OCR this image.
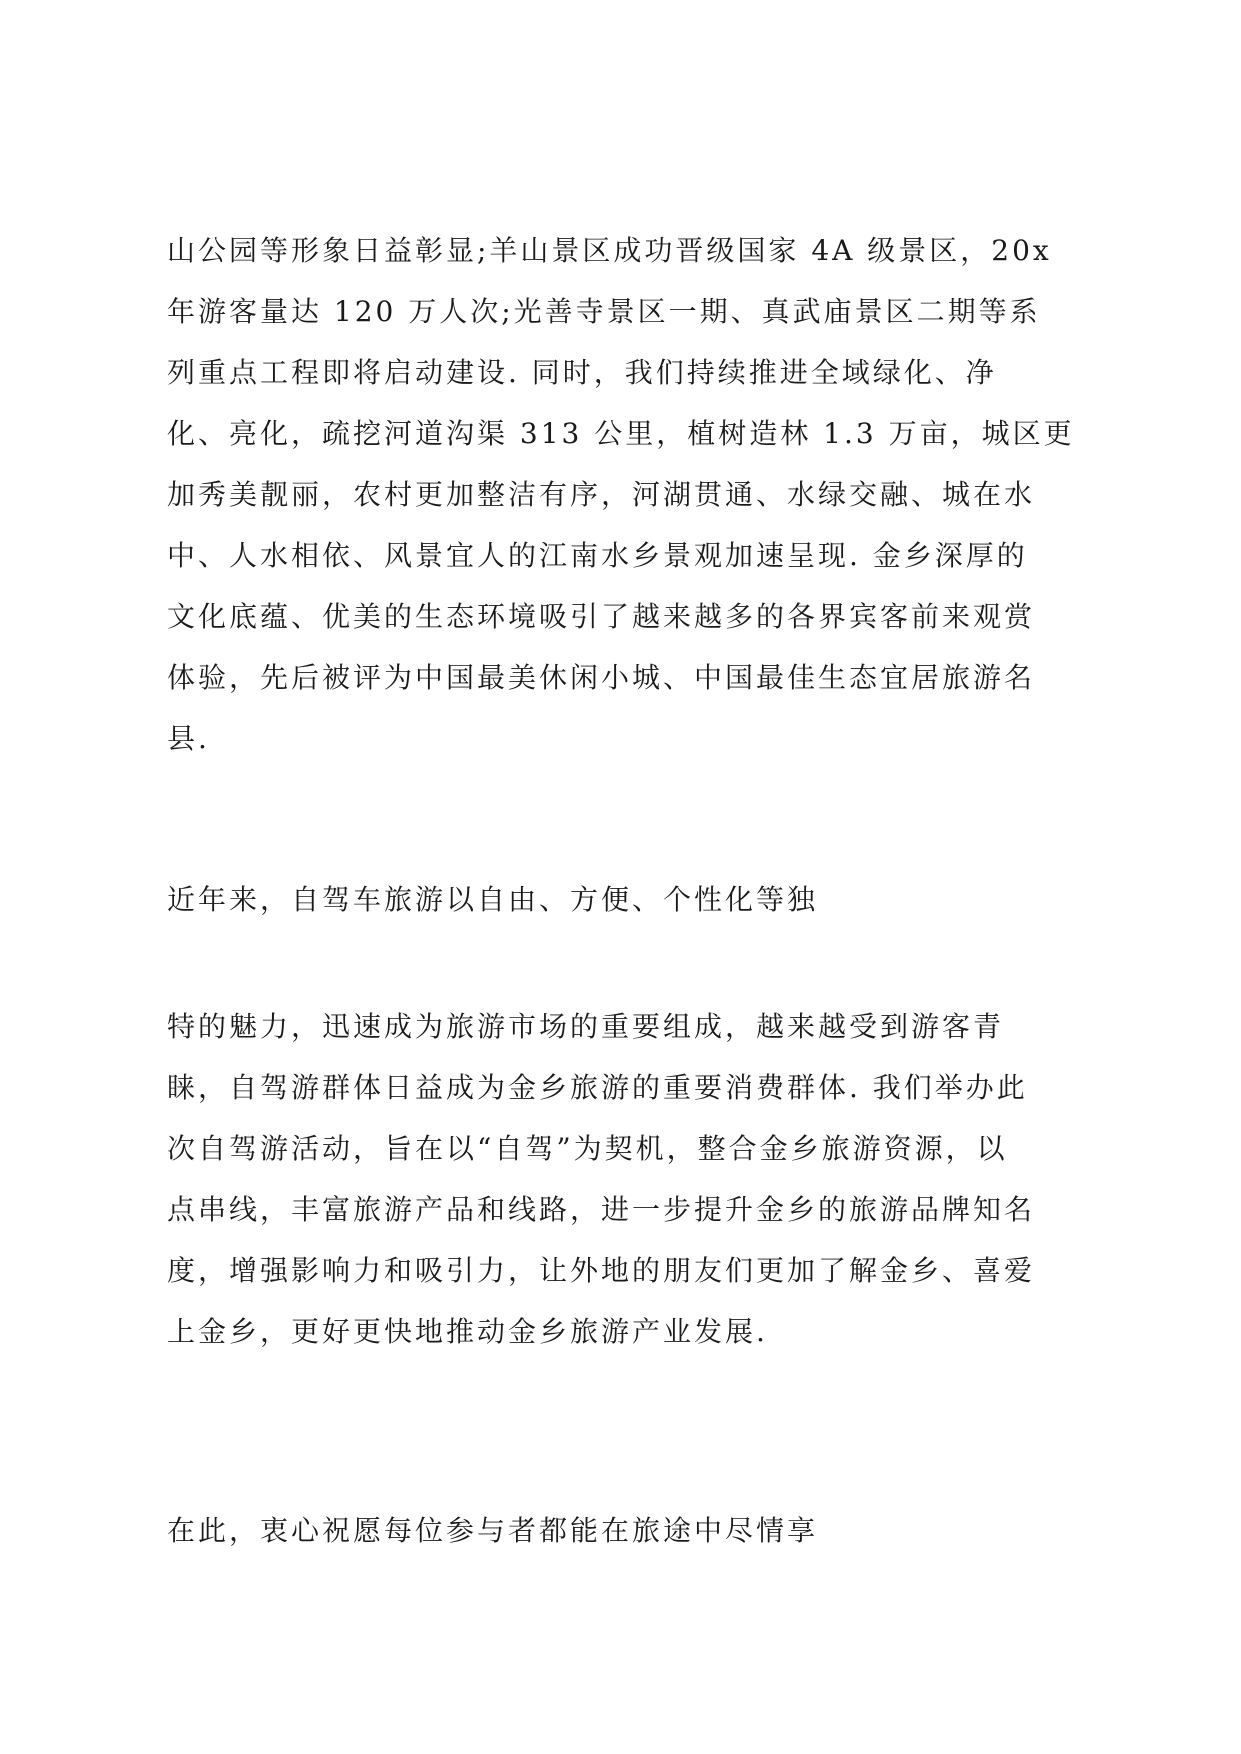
山公园等形象日益彰显;羊山景区成功晋级国家 4A 级景区，20x
年游客量达 120 万人次;光善寺景区一期、真武庙景区二期等系
列重点工程即将启动建设. 同时，我们持续推进全域绿化、净
化、亮化，疏挖河道沟渠 313 公里，植树造林 1.3 万亩，城区更
加秀美靓丽，农村更加整洁有序，河湖贯通、水绿交融、城在水
中、人水相依、风景宜人的江南水乡景观加速呈现. 金乡深厚的
文化底蕴、优美的生态环境吸引了越来越多的各界宾客前来观赏
体验，先后被评为中国最美休闲小城、中国最佳生态宜居旅游名
县.
近年来，自驾车旅游以自由、方便、个性化等独
特的魅力，迅速成为旅游市场的重要组成，越来越受到游客青
睐，自驾游群体日益成为金乡旅游的重要消费群体. 我们举办此
次自驾游活动，旨在以“自驾”为契机，整合金乡旅游资源，以
点串线，丰富旅游产品和线路，进一步提升金乡的旅游品牌知名
度，增强影响力和吸引力，让外地的朋友们更加了解金乡、喜爱
上金乡，更好更快地推动金乡旅游产业发展.
在此，衷心祝愿每位参与者都能在旅途中尽情享
